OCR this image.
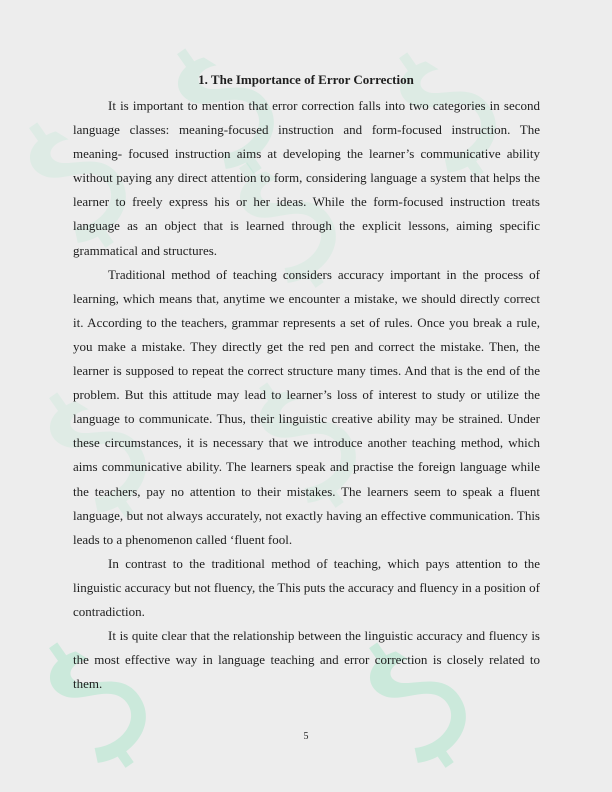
1. The Importance of Error Correction

It is important to mention that error correction falls into two categories in second language classes: meaning-focused instruction and form-focused instruction. The meaning- focused instruction aims at developing the learner’s communicative ability without paying any direct attention to form, considering language a system that helps the learner to freely express his or her ideas. While the form-focused instruction treats language as an object that is learned through the explicit lessons, aiming specific grammatical and structures.

Traditional method of teaching considers accuracy important in the process of learning, which means that, anytime we encounter a mistake, we should directly correct it. According to the teachers, grammar represents a set of rules. Once you break a rule, you make a mistake. They directly get the red pen and correct the mistake. Then, the learner is supposed to repeat the correct structure many times. And that is the end of the problem. But this attitude may lead to learner’s loss of interest to study or utilize the language to communicate. Thus, their linguistic creative ability may be strained. Under these circumstances, it is necessary that we introduce another teaching method, which aims communicative ability. The learners speak and practise the foreign language while the teachers, pay no attention to their mistakes. The learners seem to speak a fluent language, but not always accurately, not exactly having an effective communication. This leads to a phenomenon called ‘fluent fool.

In contrast to the traditional method of teaching, which pays attention to the linguistic accuracy but not fluency, the This puts the accuracy and fluency in a position of contradiction.

It is quite clear that the relationship between the linguistic accuracy and fluency is the most effective way in language teaching and error correction is closely related to them.

5
